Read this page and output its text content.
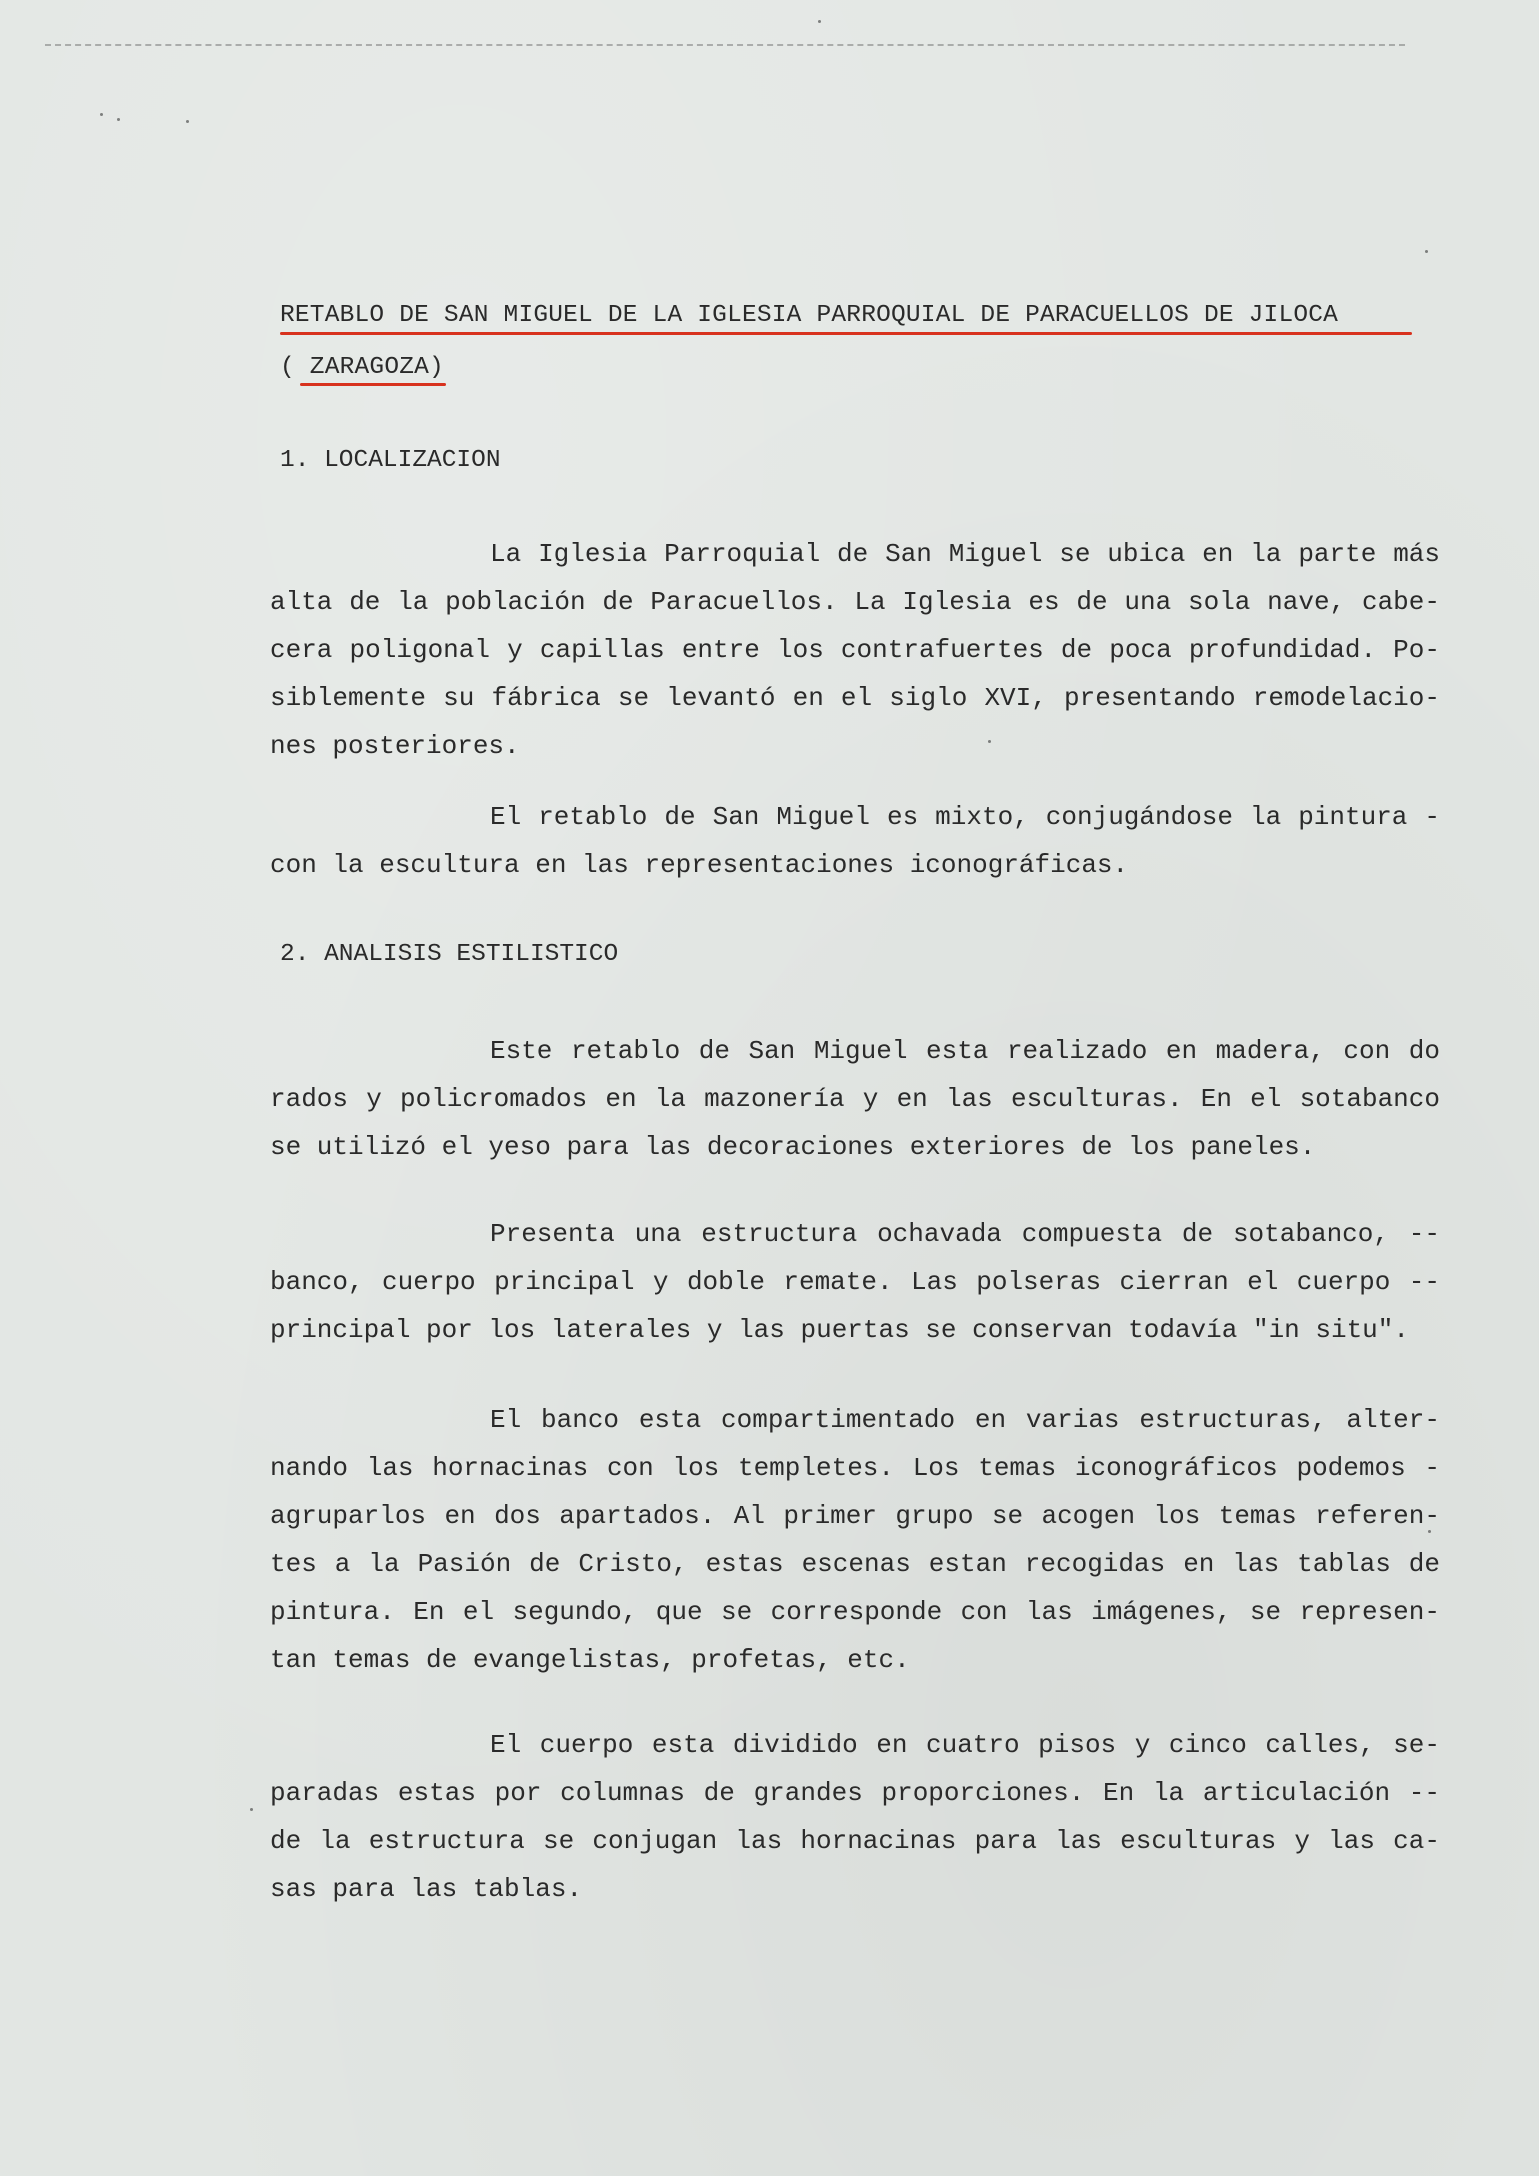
RETABLO DE SAN MIGUEL DE LA IGLESIA PARROQUIAL DE PARACUELLOS DE JILOCA
( ZARAGOZA)
1. LOCALIZACION
La Iglesia Parroquial de San Miguel se ubica en la parte más
alta de la población de Paracuellos. La Iglesia es de una sola nave, cabe-
cera poligonal y capillas entre los contrafuertes de poca profundidad. Po-
siblemente su fábrica se levantó en el siglo XVI, presentando remodelacio-
nes posteriores.
El retablo de San Miguel es mixto, conjugándose la pintura -
con la escultura en las representaciones iconográficas.
2. ANALISIS ESTILISTICO
Este retablo de San Miguel esta realizado en madera, con do
rados y policromados en la mazonería y en las esculturas. En el sotabanco
se utilizó el yeso para las decoraciones exteriores de los paneles.
Presenta una estructura ochavada compuesta de sotabanco, --
banco, cuerpo principal y doble remate. Las polseras cierran el cuerpo --
principal por los laterales y las puertas se conservan todavía "in situ".
El banco esta compartimentado en varias estructuras, alter-
nando las hornacinas con los templetes. Los temas iconográficos podemos -
agruparlos en dos apartados. Al primer grupo se acogen los temas referen-
tes a la Pasión de Cristo, estas escenas estan recogidas en las tablas de
pintura. En el segundo, que se corresponde con las imágenes, se represen-
tan temas de evangelistas, profetas, etc.
El cuerpo esta dividido en cuatro pisos y cinco calles, se-
paradas estas por columnas de grandes proporciones. En la articulación --
de la estructura se conjugan las hornacinas para las esculturas y las ca-
sas para las tablas.
